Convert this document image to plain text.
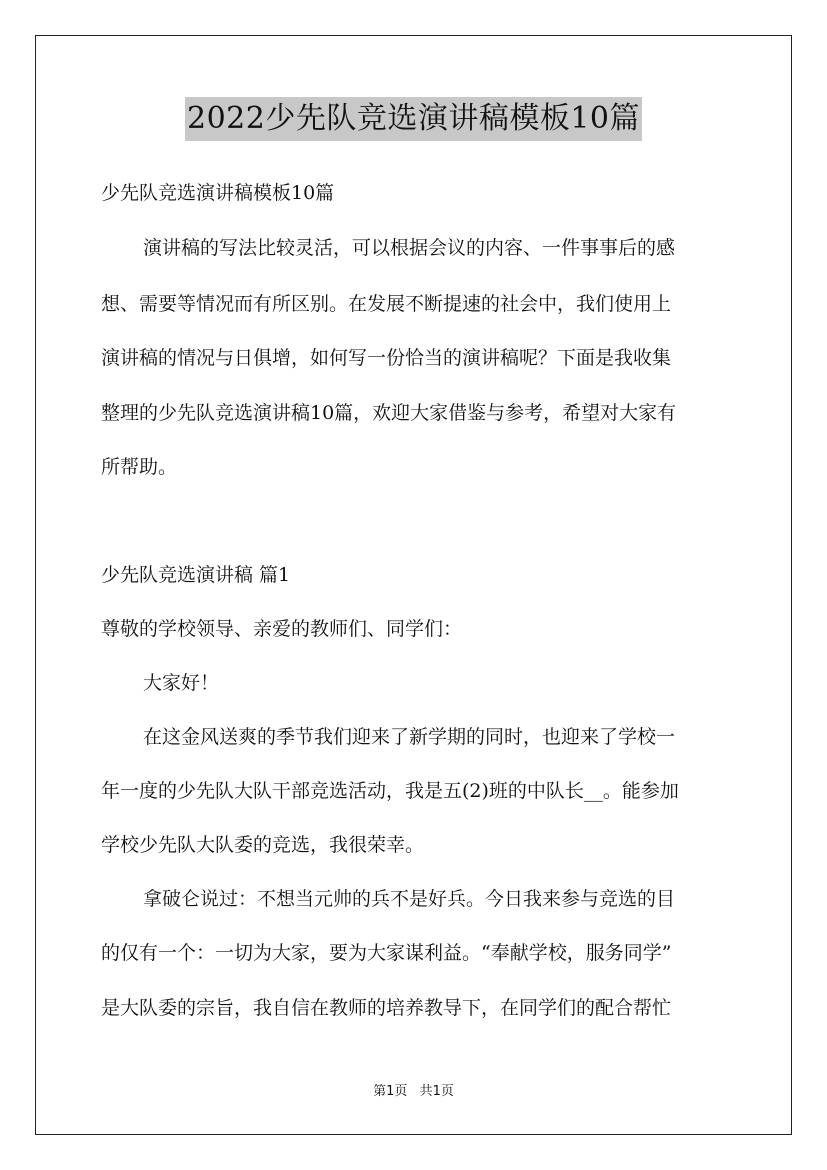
2022少先队竞选演讲稿模板10篇
少先队竞选演讲稿模板10篇
演讲稿的写法比较灵活，可以根据会议的内容、一件事事后的感
想、需要等情况而有所区别。在发展不断提速的社会中，我们使用上
演讲稿的情况与日俱增，如何写一份恰当的演讲稿呢？下面是我收集
整理的少先队竞选演讲稿10篇，欢迎大家借鉴与参考，希望对大家有
所帮助。
少先队竞选演讲稿 篇1
尊敬的学校领导、亲爱的教师们、同学们：
大家好！
在这金风送爽的季节我们迎来了新学期的同时，也迎来了学校一
年一度的少先队大队干部竞选活动，我是五(2)班的中队长__。能参加
学校少先队大队委的竞选，我很荣幸。
拿破仑说过：不想当元帅的兵不是好兵。今日我来参与竞选的目
的仅有一个：一切为大家，要为大家谋利益。“奉献学校，服务同学”
是大队委的宗旨，我自信在教师的培养教导下，在同学们的配合帮忙
第1页 共1页
